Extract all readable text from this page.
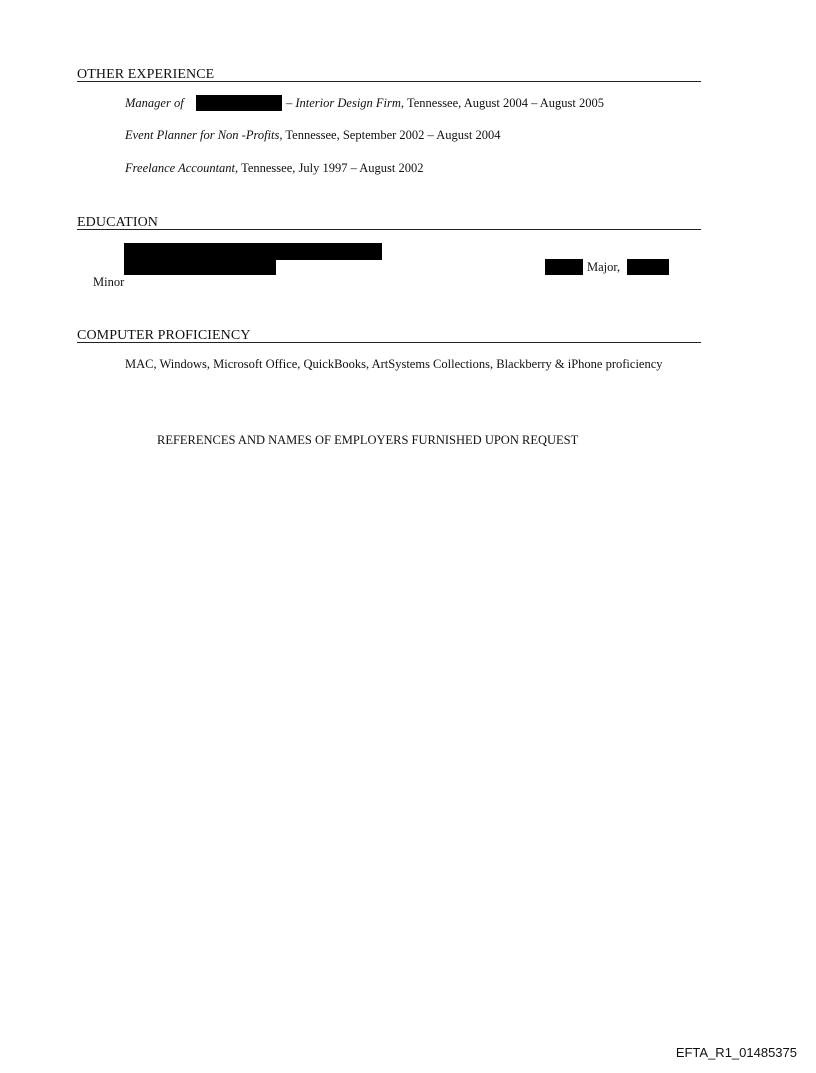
OTHER EXPERIENCE
Manager of	– Interior Design Firm, Tennessee, August 2004 – August 2005
Event Planner for Non -Profits, Tennessee, September 2002 – August 2004
Freelance Accountant, Tennessee, July 1997 – August 2002
EDUCATION
Major,
Minor
COMPUTER PROFICIENCY
MAC, Windows, Microsoft Office, QuickBooks, ArtSystems Collections, Blackberry & iPhone proficiency
REFERENCES AND NAMES OF EMPLOYERS FURNISHED UPON REQUEST
EFTA_R1_01485375
